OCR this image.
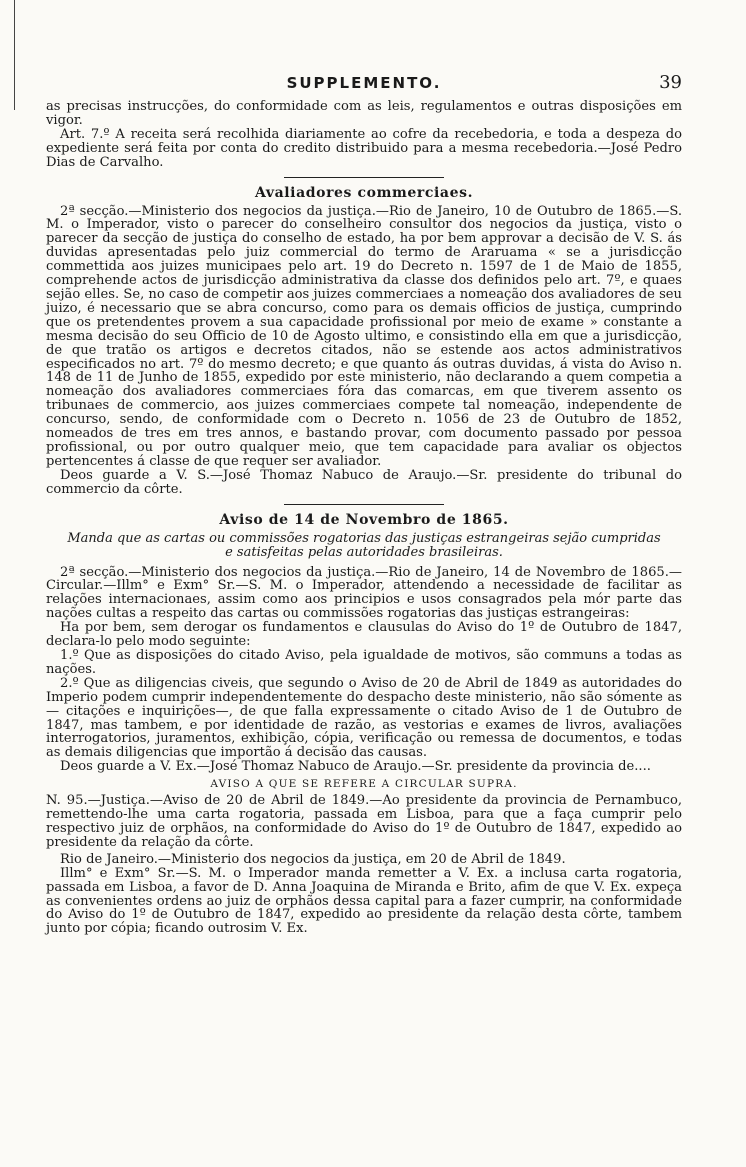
SUPPLEMENTO.	39

as precisas instrucções, do conformidade com as leis, regulamentos e outras disposições em vigor.

Art. 7.º A receita será recolhida diariamente ao cofre da recebedoria, e toda a despeza do expediente será feita por conta do credito distribuido para a mesma recebedoria.—José Pedro Dias de Carvalho.

Avaliadores commerciaes.

2ª secção.—Ministerio dos negocios da justiça.—Rio de Janeiro, 10 de Outubro de 1865.—S. M. o Imperador, visto o parecer do conselheiro consultor dos negocios da justiça, visto o parecer da secção de justiça do conselho de estado, ha por bem approvar a decisão de V. S. ás duvidas apresentadas pelo juiz commercial do termo de Araruama « se a jurisdicção commettida aos juizes municipaes pelo art. 19 do Decreto n. 1597 de 1 de Maio de 1855, comprehende actos de jurisdicção administrativa da classe dos definidos pelo art. 7º, e quaes sejão elles. Se, no caso de competir aos juizes commerciaes a nomeação dos avaliadores de seu juizo, é necessario que se abra concurso, como para os demais officios de justiça, cumprindo que os pretendentes provem a sua capacidade profissional por meio de exame » constante a mesma decisão do seu Officio de 10 de Agosto ultimo, e consistindo ella em que a jurisdicção, de que tratão os artigos e decretos citados, não se estende aos actos administrativos especificados no art. 7º do mesmo decreto; e que quanto ás outras duvidas, á vista do Aviso n. 148 de 11 de Junho de 1855, expedido por este ministerio, não declarando a quem competia a nomeação dos avaliadores commerciaes fóra das comarcas, em que tiverem assento os tribunaes de commercio, aos juizes commerciaes compete tal nomeação, independente de concurso, sendo, de conformidade com o Decreto n. 1056 de 23 de Outubro de 1852, nomeados de tres em tres annos, e bastando provar, com documento passado por pessoa profissional, ou por outro qualquer meio, que tem capacidade para avaliar os objectos pertencentes á classe de que requer ser avaliador.

Deos guarde a V. S.—José Thomaz Nabuco de Araujo.—Sr. presidente do tribunal do commercio da côrte.

Aviso de 14 de Novembro de 1865.
Manda que as cartas ou commissões rogatorias das justiças estrangeiras sejão cumpridas
e satisfeitas pelas autoridades brasileiras.

2ª secção.—Ministerio dos negocios da justiça.—Rio de Janeiro, 14 de Novembro de 1865.—Circular.—Illm° e Exm° Sr.—S. M. o Imperador, attendendo a necessidade de facilitar as relações internacionaes, assim como aos principios e usos consagrados pela mór parte das nações cultas a respeito das cartas ou commissões rogatorias das justiças estrangeiras:

Ha por bem, sem derogar os fundamentos e clausulas do Aviso do 1º de Outubro de 1847, declara-lo pelo modo seguinte:

1.º Que as disposições do citado Aviso, pela igualdade de motivos, são communs a todas as nações.

2.º Que as diligencias civeis, que segundo o Aviso de 20 de Abril de 1849 as autoridades do Imperio podem cumprir independentemente do despacho deste ministerio, não são sómente as — citações e inquirições—, de que falla expressamente o citado Aviso de 1 de Outubro de 1847, mas tambem, e por identidade de razão, as vestorias e exames de livros, avaliações interrogatorios, juramentos, exhibição, cópia, verificação ou remessa de documentos, e todas as demais diligencias que importão á decisão das causas.

Deos guarde a V. Ex.—José Thomaz Nabuco de Araujo.—Sr. presidente da provincia de....

AVISO A QUE SE REFERE A CIRCULAR SUPRA.

N. 95.—Justiça.—Aviso de 20 de Abril de 1849.—Ao presidente da provincia de Pernambuco, remettendo-lhe uma carta rogatoria, passada em Lisboa, para que a faça cumprir pelo respectivo juiz de orphãos, na conformidade do Aviso do 1º de Outubro de 1847, expedido ao presidente da relação da côrte.

Rio de Janeiro.—Ministerio dos negocios da justiça, em 20 de Abril de 1849.

Illm° e Exm° Sr.—S. M. o Imperador manda remetter a V. Ex. a inclusa carta rogatoria, passada em Lisboa, a favor de D. Anna Joaquina de Miranda e Brito, afim de que V. Ex. expeça as convenientes ordens ao juiz de orphãos dessa capital para a fazer cumprir, na conformidade do Aviso do 1º de Outubro de 1847, expedido ao presidente da relação desta côrte, tambem junto por cópia; ficando outrosim V. Ex.
